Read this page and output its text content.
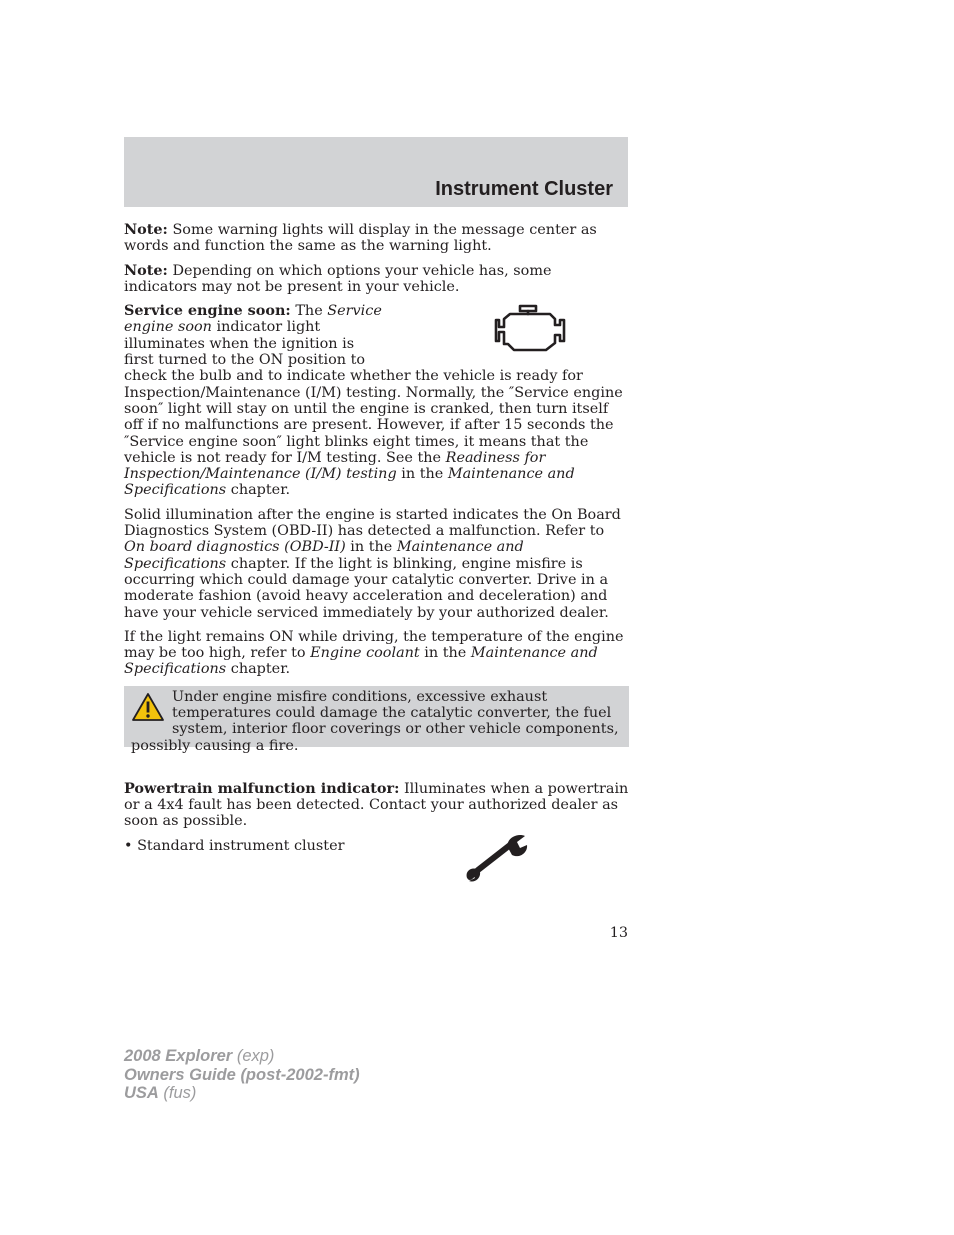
Instrument Cluster

Note: Some warning lights will display in the message center as words and function the same as the warning light.

Note: Depending on which options your vehicle has, some indicators may not be present in your vehicle.

Service engine soon: The Service engine soon indicator light illuminates when the ignition is first turned to the ON position to check the bulb and to indicate whether the vehicle is ready for Inspection/Maintenance (I/M) testing. Normally, the ″Service engine soon″ light will stay on until the engine is cranked, then turn itself off if no malfunctions are present. However, if after 15 seconds the ″Service engine soon″ light blinks eight times, it means that the vehicle is not ready for I/M testing. See the Readiness for Inspection/Maintenance (I/M) testing in the Maintenance and Specifications chapter.

Solid illumination after the engine is started indicates the On Board Diagnostics System (OBD-II) has detected a malfunction. Refer to On board diagnostics (OBD-II) in the Maintenance and Specifications chapter. If the light is blinking, engine misfire is occurring which could damage your catalytic converter. Drive in a moderate fashion (avoid heavy acceleration and deceleration) and have your vehicle serviced immediately by your authorized dealer.

If the light remains ON while driving, the temperature of the engine may be too high, refer to Engine coolant in the Maintenance and Specifications chapter.

Under engine misfire conditions, excessive exhaust temperatures could damage the catalytic converter, the fuel system, interior floor coverings or other vehicle components, possibly causing a fire.

Powertrain malfunction indicator: Illuminates when a powertrain or a 4x4 fault has been detected. Contact your authorized dealer as soon as possible.

• Standard instrument cluster
13
2008 Explorer (exp)
Owners Guide (post-2002-fmt)
USA (fus)
